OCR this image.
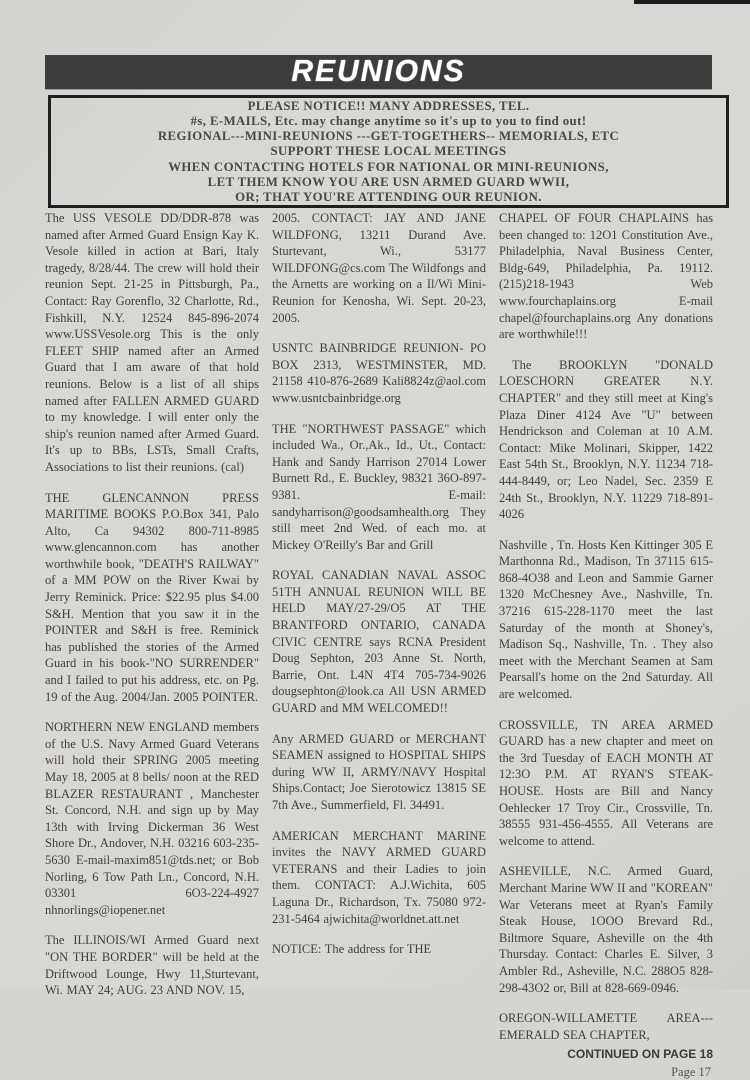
REUNIONS
PLEASE NOTICE!! MANY ADDRESSES, TEL.
#s, E-MAILS, Etc. may change anytime so it's up to you to find out!
REGIONAL---MINI-REUNIONS ---GET-TOGETHERS-- MEMORIALS, ETC
SUPPORT THESE LOCAL MEETINGS
WHEN CONTACTING HOTELS FOR NATIONAL OR MINI-REUNIONS,
LET THEM KNOW YOU ARE USN ARMED GUARD WWII,
OR; THAT YOU'RE ATTENDING OUR REUNION.

The USS VESOLE DD/DDR-878 was named after Armed Guard Ensign Kay K. Vesole killed in action at Bari, Italy tragedy, 8/28/44. The crew will hold their reunion Sept. 21-25 in Pittsburgh, Pa., Contact: Ray Gorenflo, 32 Charlotte, Rd., Fishkill, N.Y. 12524 845-896-2074 www.USSVesole.org This is the only FLEET SHIP named after an Armed Guard that I am aware of that hold reunions. Below is a list of all ships named after FALLEN ARMED GUARD to my knowledge. I will enter only the ship's reunion named after Armed Guard. It's up to BBs, LSTs, Small Crafts, Associations to list their reunions. (cal)

THE GLENCANNON PRESS MARITIME BOOKS P.O.Box 341, Palo Alto, Ca 94302 800-711-8985 www.glencannon.com has another worthwhile book, "DEATH'S RAILWAY" of a MM POW on the River Kwai by Jerry Reminick. Price: $22.95 plus $4.00 S&H. Mention that you saw it in the POINTER and S&H is free. Reminick has published the stories of the Armed Guard in his book-"NO SURRENDER" and I failed to put his address, etc. on Pg. 19 of the Aug. 2004/Jan. 2005 POINTER.

NORTHERN NEW ENGLAND members of the U.S. Navy Armed Guard Veterans will hold their SPRING 2005 meeting May 18, 2005 at 8 bells/ noon at the RED BLAZER RESTAURANT , Manchester St. Concord, N.H. and sign up by May 13th with Irving Dickerman 36 West Shore Dr., Andover, N.H. 03216 603-235-5630 E-mail-maxim851@tds.net; or Bob Norling, 6 Tow Path Ln., Concord, N.H. 03301 6O3-224-4927 nhnorlings@iopener.net

The ILLINOIS/WI Armed Guard next "ON THE BORDER" will be held at the Driftwood Lounge, Hwy 11,Sturtevant, Wi. MAY 24; AUG. 23 AND NOV. 15,

2005. CONTACT: JAY AND JANE WILDFONG, 13211 Durand Ave. Sturtevant, Wi., 53177 WILDFONG@cs.com The Wildfongs and the Arnetts are working on a Il/Wi Mini-Reunion for Kenosha, Wi. Sept. 20-23, 2005.

USNTC BAINBRIDGE REUNION- PO BOX 2313, WESTMINSTER, MD. 21158 410-876-2689 Kali8824z@aol.com www.usntcbainbridge.org

THE "NORTHWEST PASSAGE" which included Wa., Or.,Ak., Id., Ut., Contact: Hank and Sandy Harrison 27014 Lower Burnett Rd., E. Buckley, 98321 36O-897-9381. E-mail: sandyharrison@goodsamhealth.org They still meet 2nd Wed. of each mo. at Mickey O'Reilly's Bar and Grill

ROYAL CANADIAN NAVAL ASSOC 51TH ANNUAL REUNION WILL BE HELD MAY/27-29/O5 AT THE BRANTFORD ONTARIO, CANADA CIVIC CENTRE says RCNA President Doug Sephton, 203 Anne St. North, Barrie, Ont. L4N 4T4 705-734-9026 dougsephton@look.ca All USN ARMED GUARD and MM WELCOMED!!

Any ARMED GUARD or MERCHANT SEAMEN assigned to HOSPITAL SHIPS during WW II, ARMY/NAVY Hospital Ships.Contact; Joe Sierotowicz 13815 SE 7th Ave., Summerfield, Fl. 34491.

AMERICAN MERCHANT MARINE invites the NAVY ARMED GUARD VETERANS and their Ladies to join them. CONTACT: A.J.Wichita, 605 Laguna Dr., Richardson, Tx. 75080 972-231-5464 ajwichita@worldnet.att.net

NOTICE: The address for THE

CHAPEL OF FOUR CHAPLAINS has been changed to: 12O1 Constitution Ave., Philadelphia, Naval Business Center, Bldg-649, Philadelphia, Pa. 19112. (215)218-1943 Web www.fourchaplains.org E-mail chapel@fourchaplains.org Any donations are worthwhile!!!

The BROOKLYN "DONALD LOESCHORN GREATER N.Y. CHAPTER" and they still meet at King's Plaza Diner 4124 Ave "U" between Hendrickson and Coleman at 10 A.M. Contact: Mike Molinari, Skipper, 1422 East 54th St., Brooklyn, N.Y. 11234 718-444-8449, or; Leo Nadel, Sec. 2359 E 24th St., Brooklyn, N.Y. 11229 718-891-4026

Nashville , Tn. Hosts Ken Kittinger 305 E Marthonna Rd., Madison, Tn 37115 615-868-4O38 and Leon and Sammie Garner 1320 McChesney Ave., Nashville, Tn. 37216 615-228-1170 meet the last Saturday of the month at Shoney's, Madison Sq., Nashville, Tn. . They also meet with the Merchant Seamen at Sam Pearsall's home on the 2nd Saturday. All are welcomed.

CROSSVILLE, TN AREA ARMED GUARD has a new chapter and meet on the 3rd Tuesday of EACH MONTH AT 12:3O P.M. AT RYAN'S STEAK-HOUSE. Hosts are Bill and Nancy Oehlecker 17 Troy Cir., Crossville, Tn. 38555 931-456-4555. All Veterans are welcome to attend.

ASHEVILLE, N.C. Armed Guard, Merchant Marine WW II and "KOREAN" War Veterans meet at Ryan's Family Steak House, 1OOO Brevard Rd., Biltmore Square, Asheville on the 4th Thursday. Contact: Charles E. Silver, 3 Ambler Rd., Asheville, N.C. 288O5 828-298-43O2 or, Bill at 828-669-0946.

OREGON-WILLAMETTE AREA--- EMERALD SEA CHAPTER,

CONTINUED ON PAGE 18
Page 17
